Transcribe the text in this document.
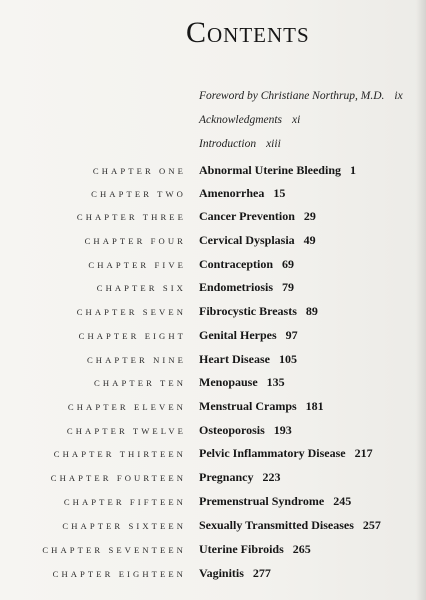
Contents
Foreword by Christiane Northrup, M.D. ix
Acknowledgments xi
Introduction xiii
CHAPTER ONE Abnormal Uterine Bleeding 1
CHAPTER TWO Amenorrhea 15
CHAPTER THREE Cancer Prevention 29
CHAPTER FOUR Cervical Dysplasia 49
CHAPTER FIVE Contraception 69
CHAPTER SIX Endometriosis 79
CHAPTER SEVEN Fibrocystic Breasts 89
CHAPTER EIGHT Genital Herpes 97
CHAPTER NINE Heart Disease 105
CHAPTER TEN Menopause 135
CHAPTER ELEVEN Menstrual Cramps 181
CHAPTER TWELVE Osteoporosis 193
CHAPTER THIRTEEN Pelvic Inflammatory Disease 217
CHAPTER FOURTEEN Pregnancy 223
CHAPTER FIFTEEN Premenstrual Syndrome 245
CHAPTER SIXTEEN Sexually Transmitted Diseases 257
CHAPTER SEVENTEEN Uterine Fibroids 265
CHAPTER EIGHTEEN Vaginitis 277
